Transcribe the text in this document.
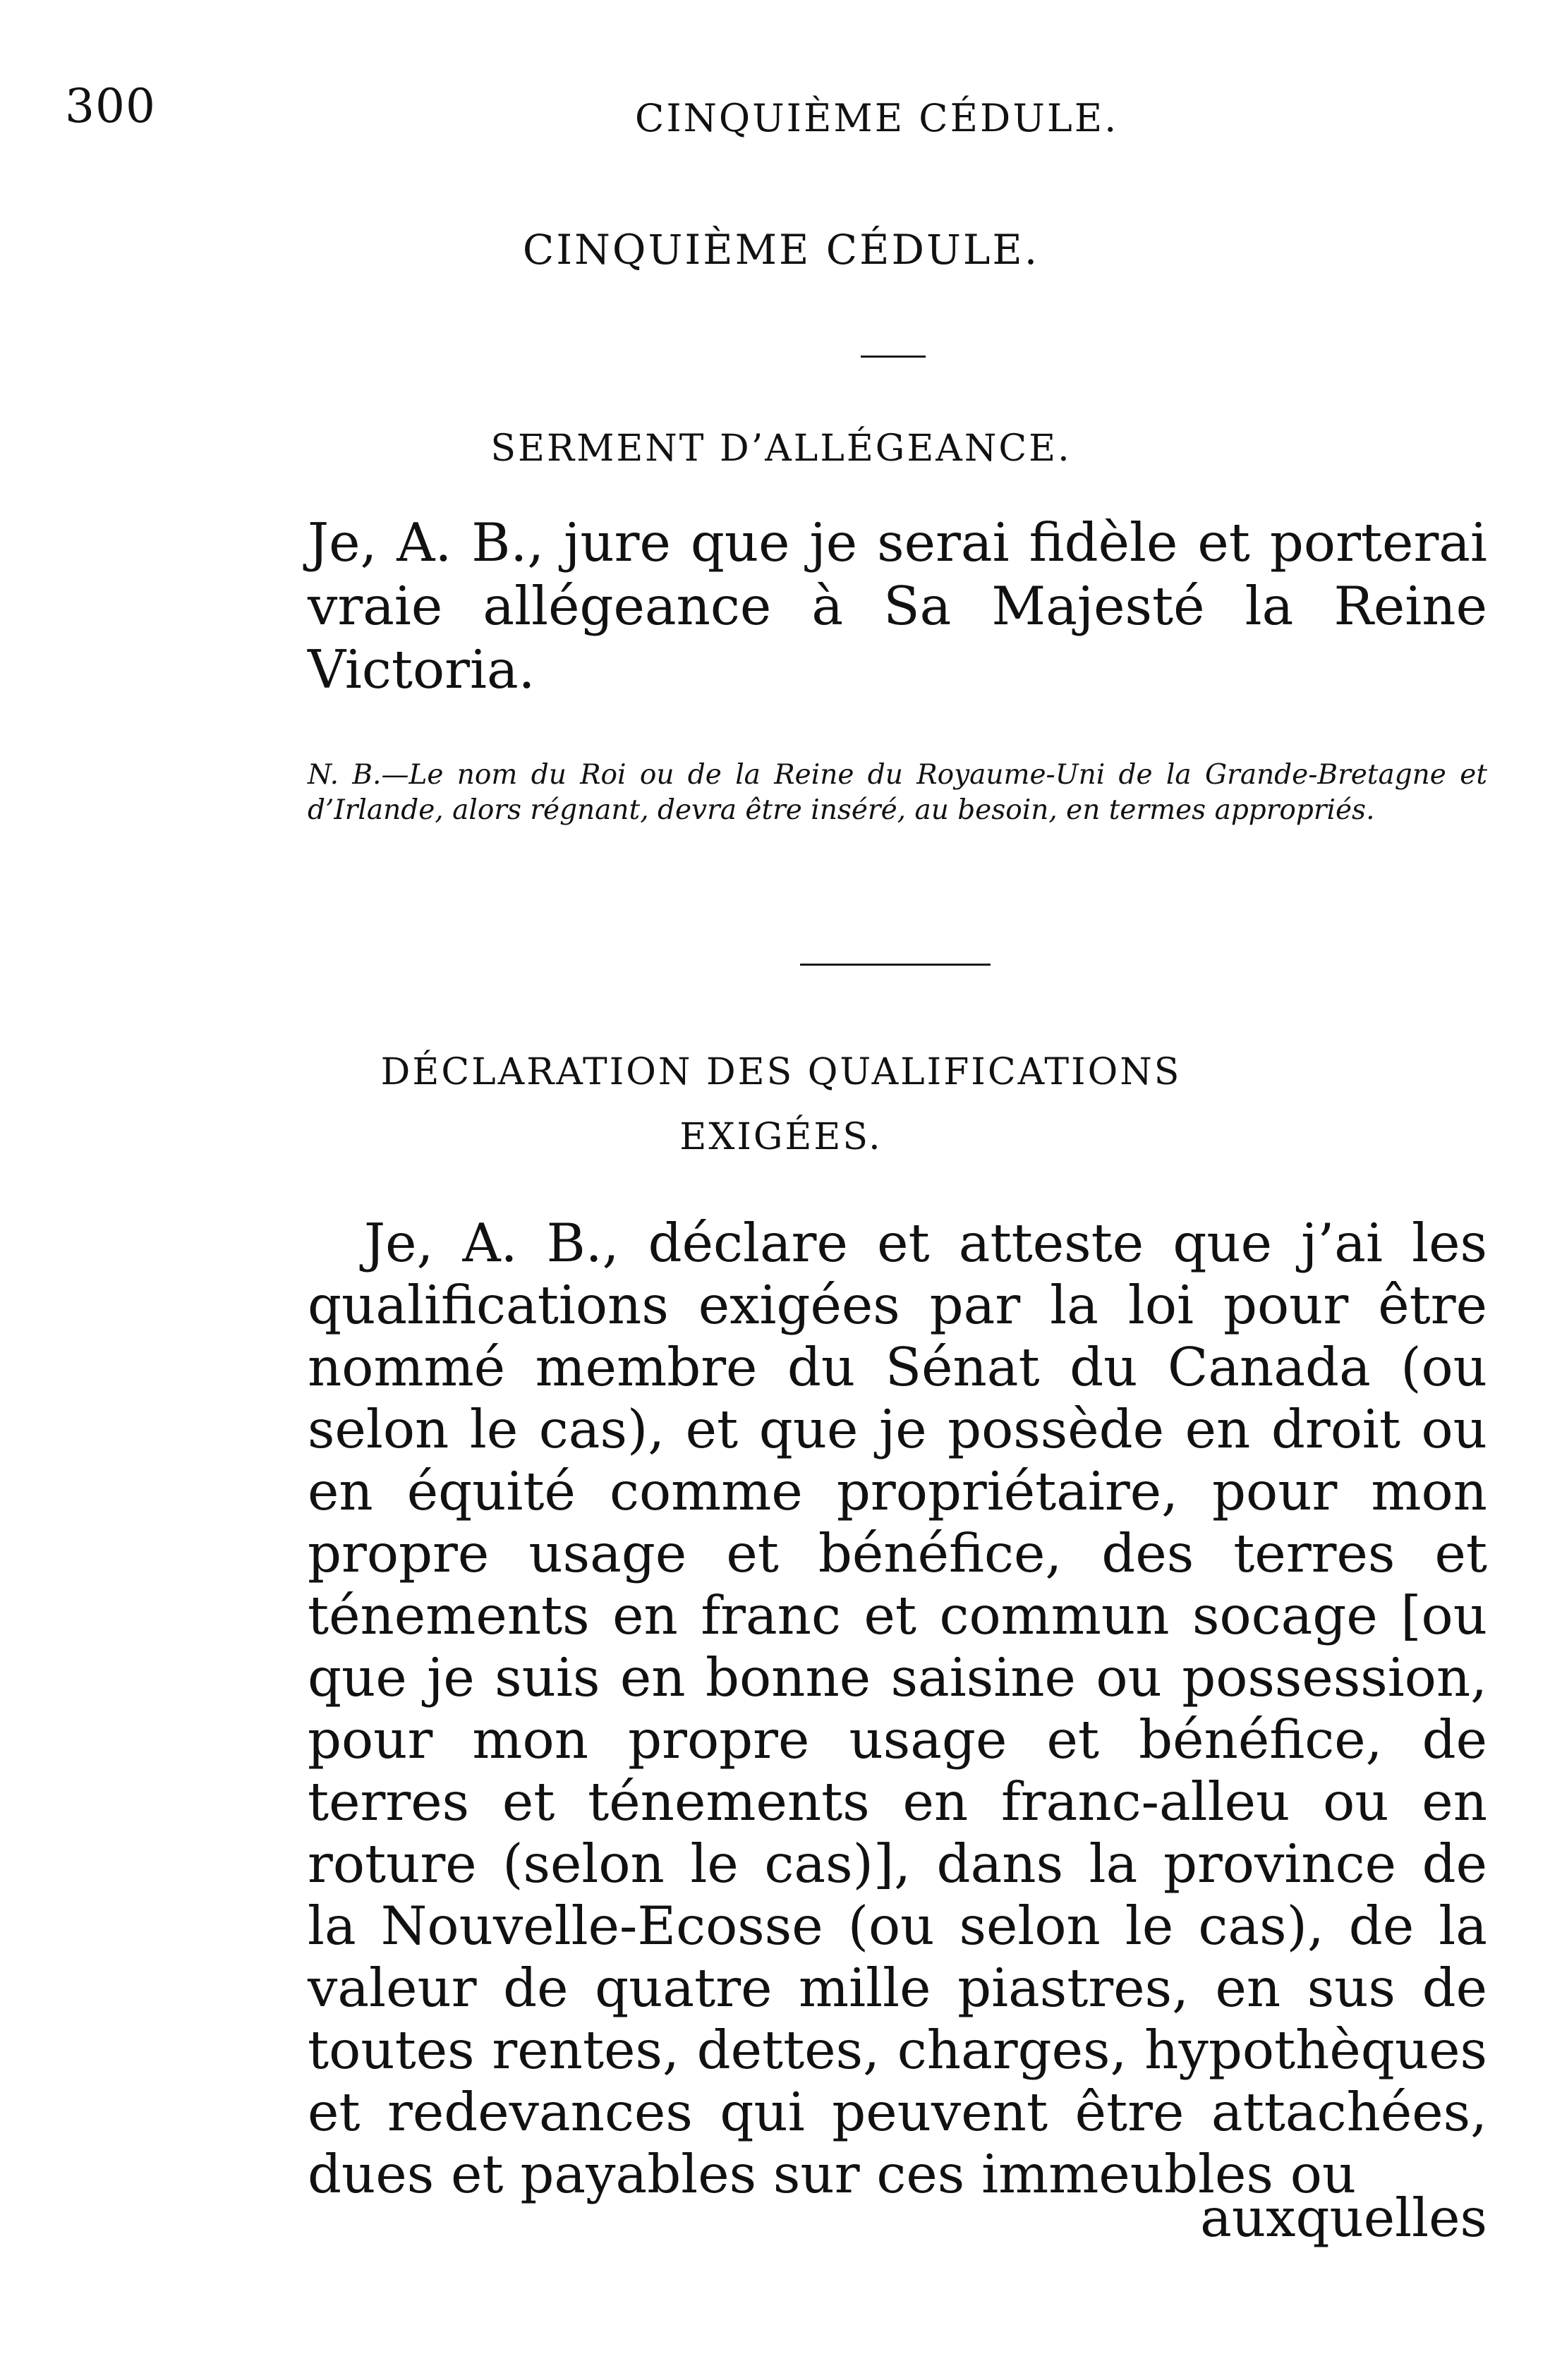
300	CINQUIÈME CÉDULE.
CINQUIÈME CÉDULE.
SERMENT D’ALLÉGEANCE.
Je, A. B., jure que je serai fidèle et porterai vraie allégeance à Sa Majesté la Reine Victoria.
N. B.—Le nom du Roi ou de la Reine du Royaume-Uni de la Grande-Bretagne et d’Irlande, alors régnant, devra être inséré, au besoin, en termes appropriés.
DÉCLARATION DES QUALIFICATIONS
EXIGÉES.
Je, A. B., déclare et atteste que j’ai les qualifications exigées par la loi pour être nommé membre du Sénat du Canada (ou selon le cas), et que je possède en droit ou en équité comme propriétaire, pour mon propre usage et bénéfice, des terres et ténements en franc et commun socage [ou que je suis en bonne saisine ou possession, pour mon propre usage et bénéfice, de terres et ténements en franc-alleu ou en roture (selon le cas)], dans la province de la Nouvelle-Ecosse (ou selon le cas), de la valeur de quatre mille piastres, en sus de toutes rentes, dettes, charges, hypothèques et redevances qui peuvent être attachées, dues et payables sur ces immeubles ou
auxquelles
